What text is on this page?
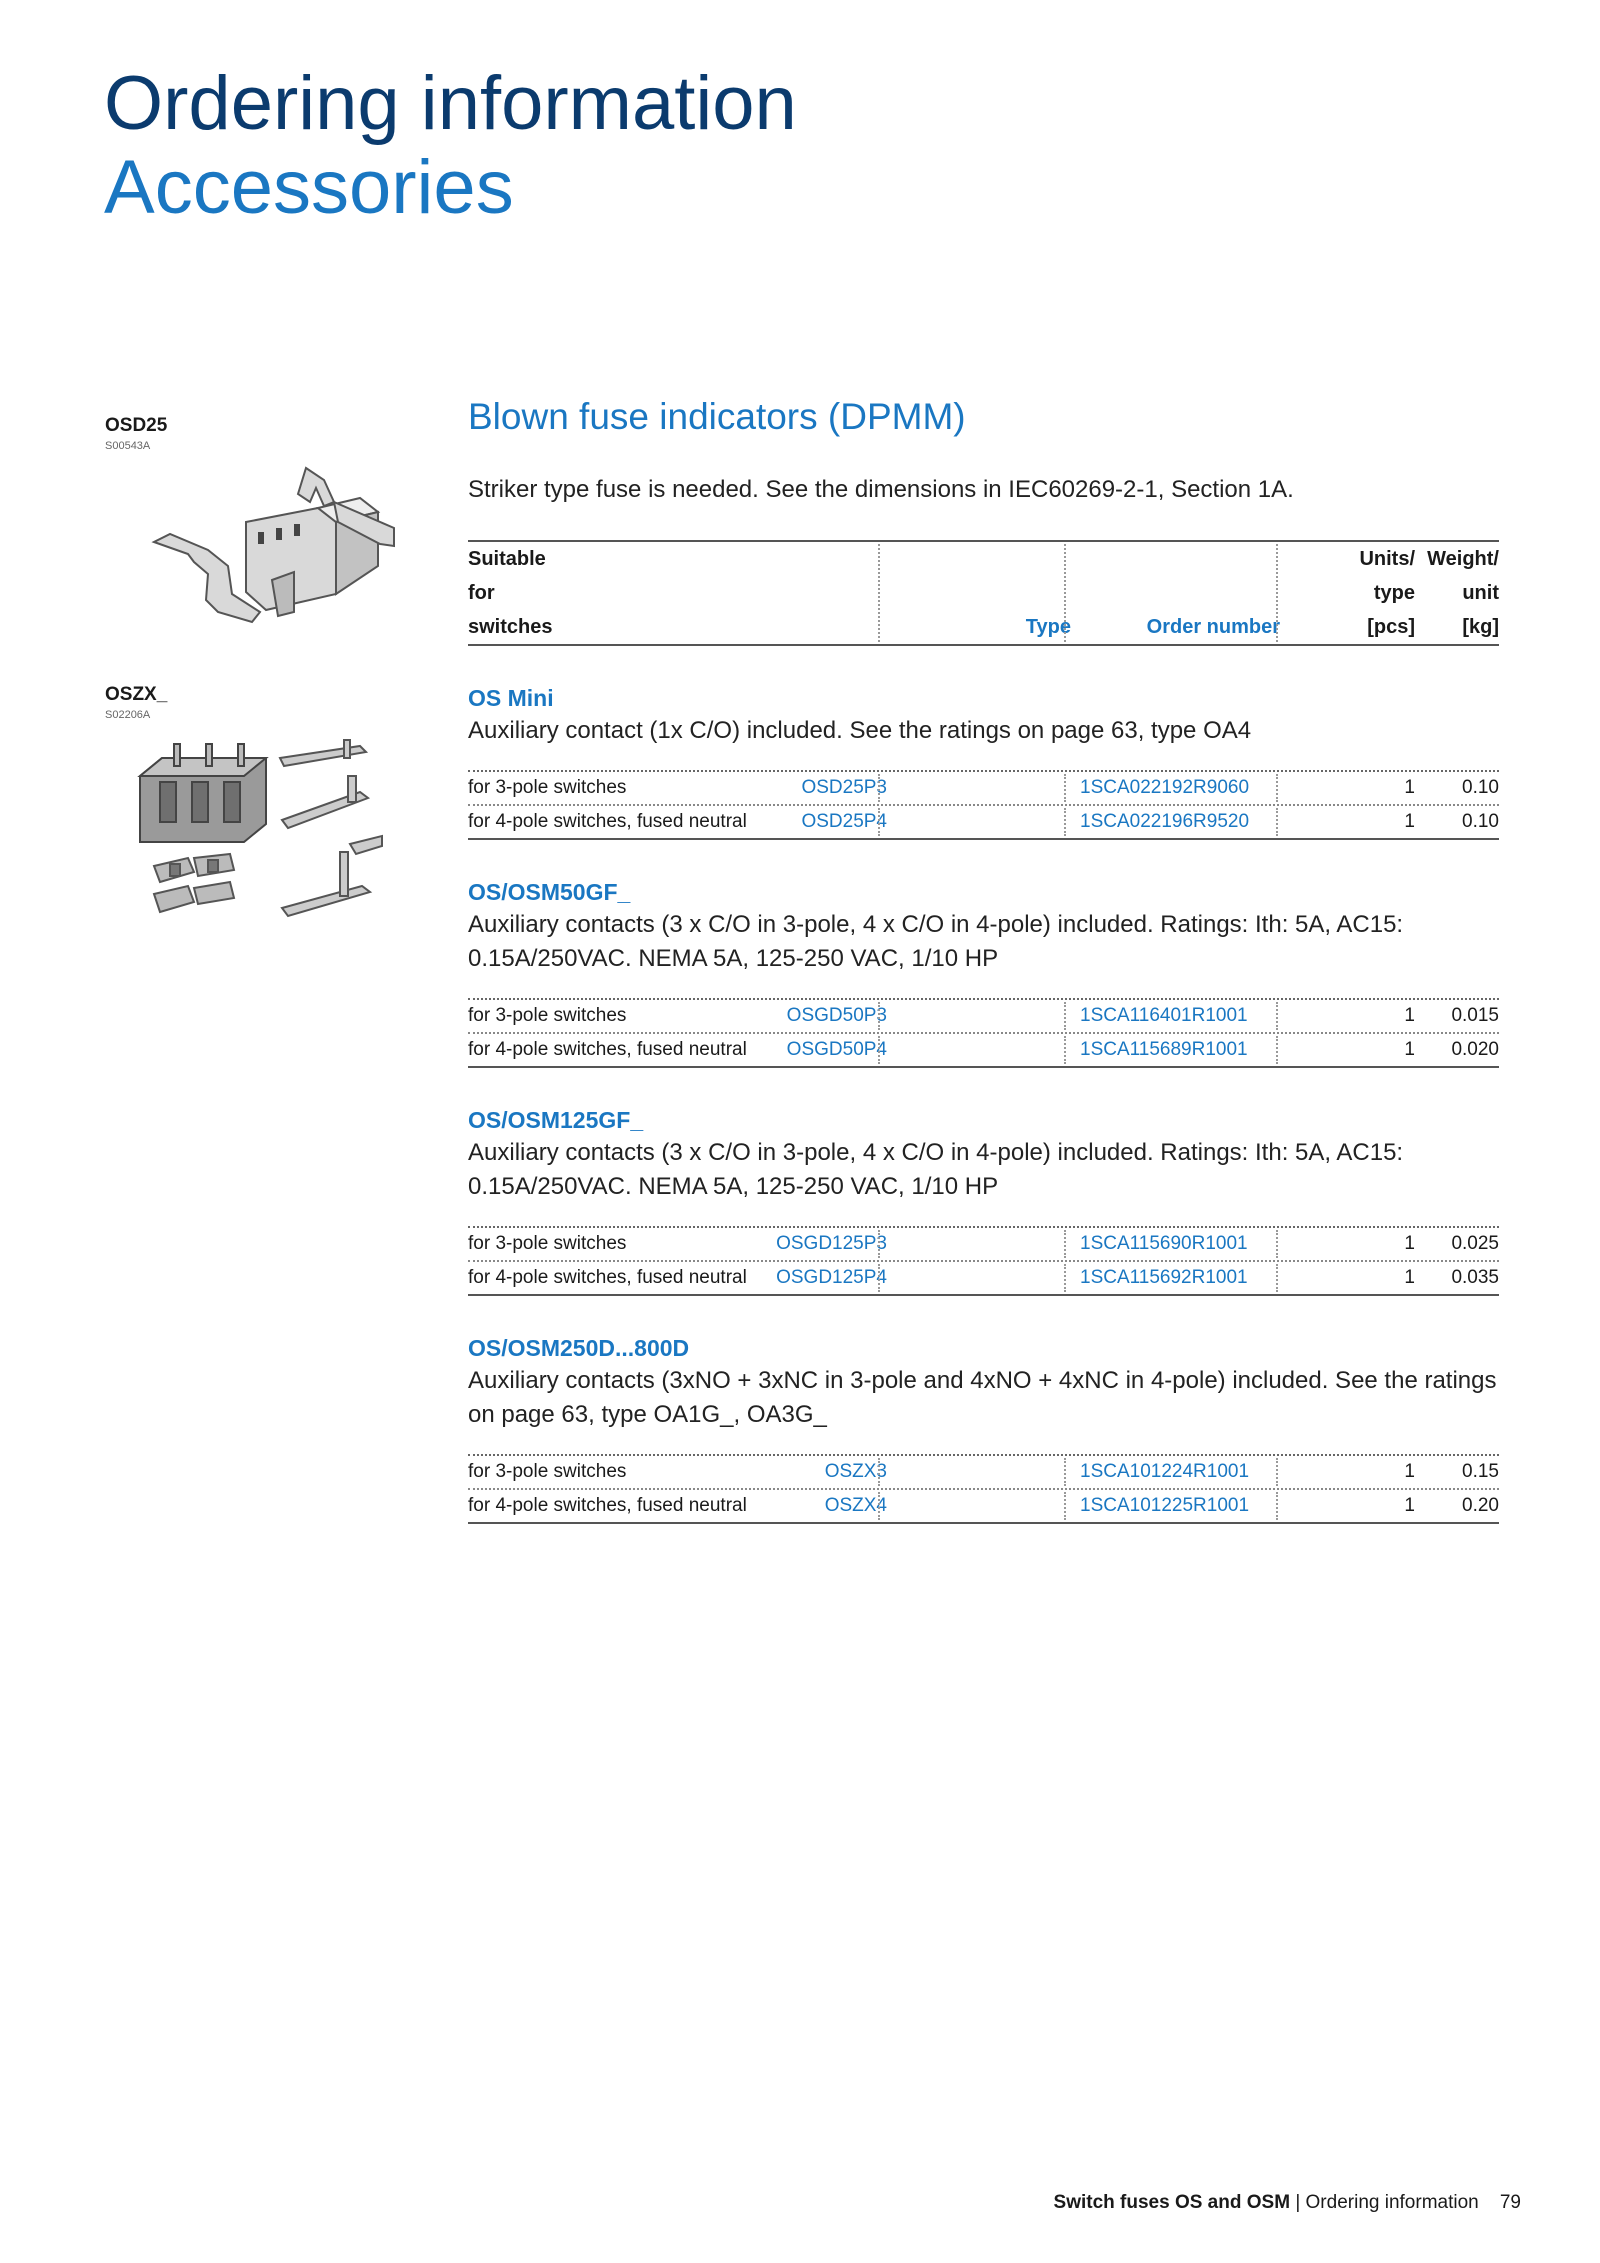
Ordering information
Accessories
OSD25
S00543A
OSZX_
S02206A
Blown fuse indicators (DPMM)
Striker type fuse is needed. See the dimensions in IEC60269-2-1, Section 1A.
Suitable
for
switches

	Type

	Order number
Units/
type
[pcs]
Weight/
unit
[kg]
OS Mini
Auxiliary contact (1x C/O) included. See the ratings on page 63, type OA4
for 3-pole switches	OSD25P3	1SCA022192R9060	1 0.10
for 4-pole switches, fused neutral	OSD25P4	1SCA022196R9520	1 0.10
OS/OSM50GF_
Auxiliary contacts (3 x C/O in 3-pole, 4 x C/O in 4-pole) included. Ratings: Ith: 5A, AC15: 0.15A/250VAC. NEMA 5A, 125-250 VAC, 1/10 HP
for 3-pole switches	OSGD50P3	1SCA116401R1001	1 0.015
for 4-pole switches, fused neutral OSGD50P4	1SCA115689R1001	1 0.020
OS/OSM125GF_
Auxiliary contacts (3 x C/O in 3-pole, 4 x C/O in 4-pole) included. Ratings: Ith: 5A, AC15: 0.15A/250VAC. NEMA 5A, 125-250 VAC, 1/10 HP
for 3-pole switches	OSGD125P3	1SCA115690R1001	1 0.025
for 4-pole switches, fused neutral OSGD125P4	1SCA115692R1001	1 0.035
OS/OSM250D...800D
Auxiliary contacts (3xNO + 3xNC in 3-pole and 4xNO + 4xNC in 4-pole) included. See the ratings on page 63, type OA1G_, OA3G_
for 3-pole switches	OSZX3	1SCA101224R1001	1 0.15
for 4-pole switches, fused neutral	OSZX4	1SCA101225R1001	1 0.20
Switch fuses OS and OSM | Ordering information 79
